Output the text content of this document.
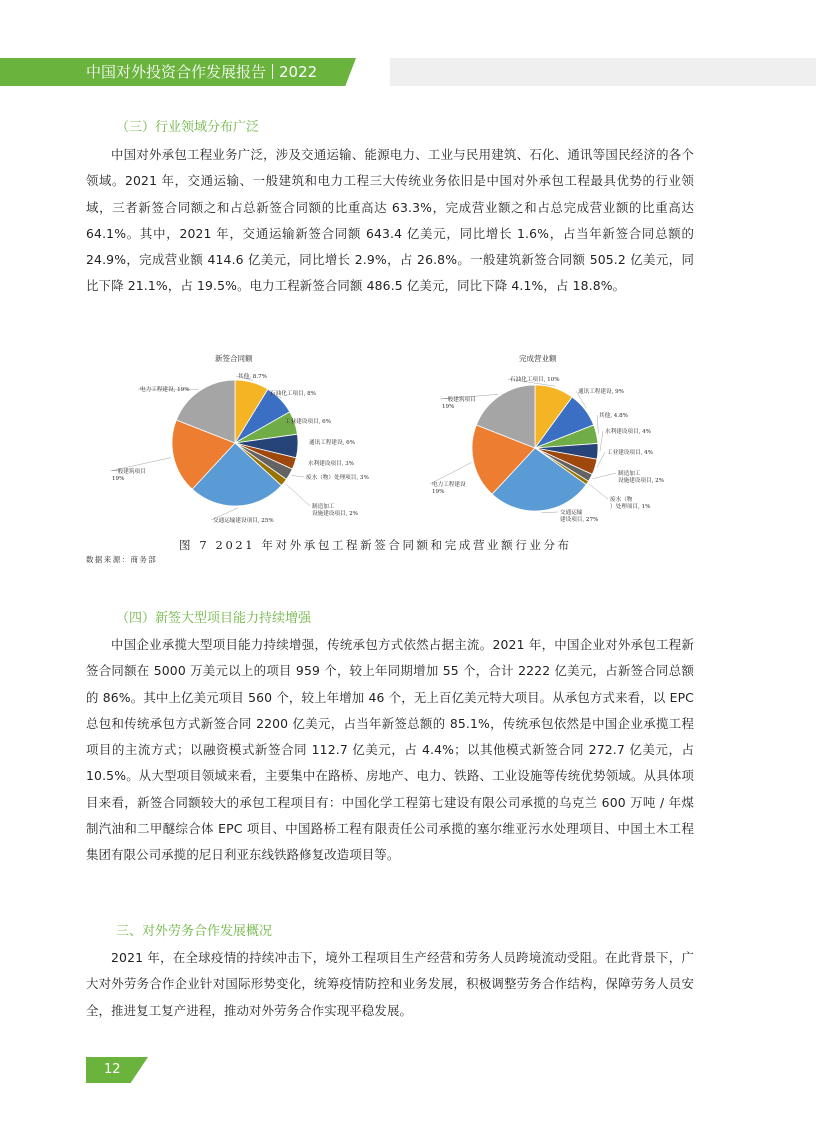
中国对外投资合作发展报告 2022
（三）行业领域分布广泛

中国对外承包工程业务广泛，涉及交通运输、能源电力、工业与民用建筑、石化、通讯等国民经济的各个领域。2021 年，交通运输、一般建筑和电力工程三大传统业务依旧是中国对外承包工程最具优势的行业领域，三者新签合同额之和占总新签合同额的比重高达 63.3%，完成营业额之和占总完成营业额的比重高达 64.1%。其中，2021 年，交通运输新签合同额 643.4 亿美元，同比增长 1.6%，占当年新签合同总额的 24.9%，完成营业额 414.6 亿美元，同比增长 2.9%，占 26.8%。一般建筑新签合同额 505.2 亿美元，同比下降 21.1%，占 19.5%。电力工程新签合同额 486.5 亿美元，同比下降 4.1%，占 18.8%。

新签合同额	完成营业额
其他, 8.7%
石油化工项目, 8%
工业建设项目, 6%
通讯工程建设, 6%
水利建设项目, 3%
废水（物）处理项目, 3%
制造加工设施建设项目, 2%
交通运输建设项目, 25%
一般建筑项目 19%
电力工程建设, 19%
石油化工项目, 10%
通讯工程建设, 9%
其他, 4.8%
水利建设项目, 4%
工业建设项目, 4%
制造加工设施建设项目, 2%
废水（物）处理项目, 1%
交通运输建设项目, 27%
电力工程建设 19%
一般建筑项目 19%
图 7 2021 年对外承包工程新签合同额和完成营业额行业分布
数据来源：商务部
（四）新签大型项目能力持续增强

中国企业承揽大型项目能力持续增强，传统承包方式依然占据主流。2021 年，中国企业对外承包工程新签合同额在 5000 万美元以上的项目 959 个，较上年同期增加 55 个，合计 2222 亿美元，占新签合同总额的 86%。其中上亿美元项目 560 个，较上年增加 46 个，无上百亿美元特大项目。从承包方式来看，以 EPC 总包和传统承包方式新签合同 2200 亿美元，占当年新签总额的 85.1%，传统承包依然是中国企业承揽工程项目的主流方式；以融资模式新签合同 112.7 亿美元，占 4.4%；以其他模式新签合同 272.7 亿美元，占 10.5%。从大型项目领域来看，主要集中在路桥、房地产、电力、铁路、工业设施等传统优势领域。从具体项目来看，新签合同额较大的承包工程项目有：中国化学工程第七建设有限公司承揽的乌克兰 600 万吨 / 年煤制汽油和二甲醚综合体 EPC 项目、中国路桥工程有限责任公司承揽的塞尔维亚污水处理项目、中国土木工程集团有限公司承揽的尼日利亚东线铁路修复改造项目等。

三、对外劳务合作发展概况

2021 年，在全球疫情的持续冲击下，境外工程项目生产经营和劳务人员跨境流动受阻。在此背景下，广大对外劳务合作企业针对国际形势变化，统筹疫情防控和业务发展，积极调整劳务合作结构，保障劳务人员安全，推进复工复产进程，推动对外劳务合作实现平稳发展。

12
